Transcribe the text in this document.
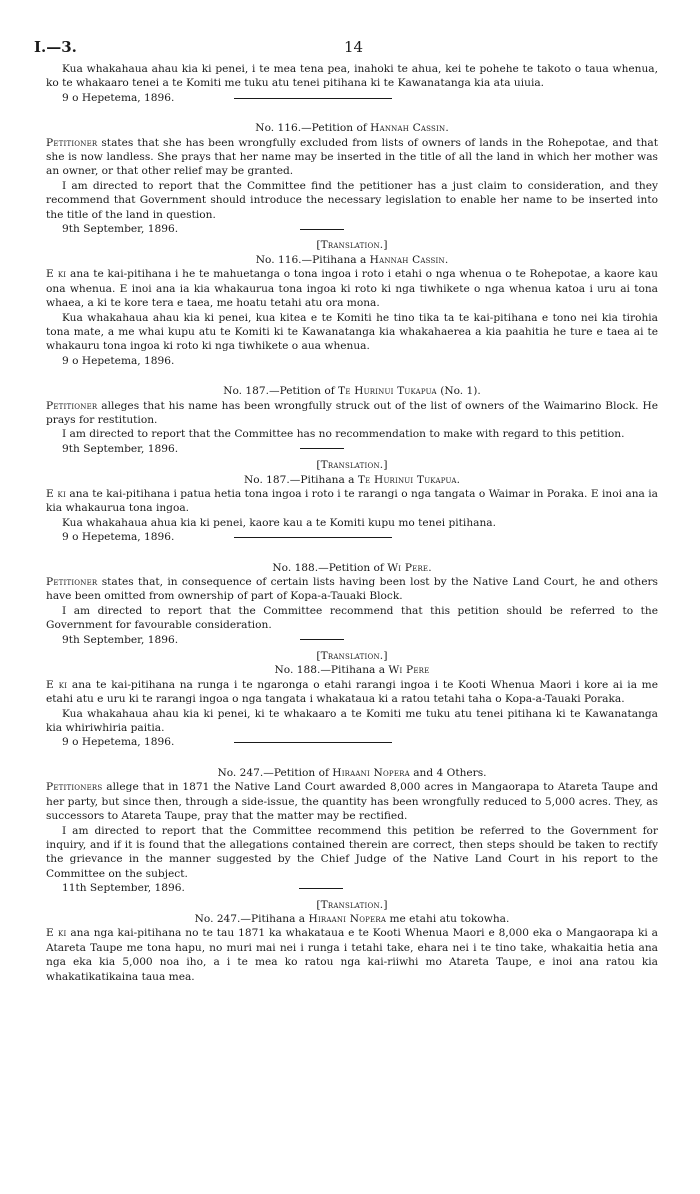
I.—3.	14

Kua whakahaua ahau kia ki penei, i te mea tena pea, inahoki te ahua, kei te pohehe te takoto o taua whenua, ko te whakaaro tenei a te Komiti me tuku atu tenei pitihana ki te Kawanatanga kia ata uiuia.

9 o Hepetema, 1896.

No. 116.—Petition of Hannah Cassin.

Petitioner states that she has been wrongfully excluded from lists of owners of lands in the Rohepotae, and that she is now landless. She prays that her name may be inserted in the title of all the land in which her mother was an owner, or that other relief may be granted.

I am directed to report that the Committee find the petitioner has a just claim to consideration, and they recommend that Government should introduce the necessary legislation to enable her name to be inserted into the title of the land in question.

9th September, 1896.

[Translation.]

No. 116.—Pitihana a Hannah Cassin.

E ki ana te kai-pitihana i he te mahuetanga o tona ingoa i roto i etahi o nga whenua o te Rohepotae, a kaore kau ona whenua. E inoi ana ia kia whakaurua tona ingoa ki roto ki nga tiwhikete o nga whenua katoa i uru ai tona whaea, a ki te kore tera e taea, me hoatu tetahi atu ora mona.

Kua whakahaua ahau kia ki penei, kua kitea e te Komiti he tino tika ta te kai-pitihana e tono nei kia tirohia tona mate, a me whai kupu atu te Komiti ki te Kawanatanga kia whakahaerea a kia paahitia he ture e taea ai te whakauru tona ingoa ki roto ki nga tiwhikete o aua whenua.

9 o Hepetema, 1896.

No. 187.—Petition of Te Hurinui Tukapua (No. 1).

Petitioner alleges that his name has been wrongfully struck out of the list of owners of the Waimarino Block. He prays for restitution.

I am directed to report that the Committee has no recommendation to make with regard to this petition.

9th September, 1896.

[Translation.]

No. 187.—Pitihana a Te Hurinui Tukapua.

E ki ana te kai-pitihana i patua hetia tona ingoa i roto i te rarangi o nga tangata o Waimar in Poraka. E inoi ana ia kia whakaurua tona ingoa.

Kua whakahaua ahua kia ki penei, kaore kau a te Komiti kupu mo tenei pitihana.

9 o Hepetema, 1896.

No. 188.—Petition of Wi Pere.

Petitioner states that, in consequence of certain lists having been lost by the Native Land Court, he and others have been omitted from ownership of part of Kopa-a-Tauaki Block.

I am directed to report that the Committee recommend that this petition should be referred to the Government for favourable consideration.

9th September, 1896.

[Translation.]

No. 188.—Pitihana a Wi Pere

E ki ana te kai-pitihana na runga i te ngaronga o etahi rarangi ingoa i te Kooti Whenua Maori i kore ai ia me etahi atu e uru ki te rarangi ingoa o nga tangata i whakataua ki a ratou tetahi taha o Kopa-a-Tauaki Poraka.

Kua whakahaua ahau kia ki penei, ki te whakaaro a te Komiti me tuku atu tenei pitihana ki te Kawanatanga kia whiriwhiria paitia.

9 o Hepetema, 1896.

No. 247.—Petition of Hiraani Nopera and 4 Others.

Petitioners allege that in 1871 the Native Land Court awarded 8,000 acres in Mangaorapa to Atareta Taupe and her party, but since then, through a side-issue, the quantity has been wrongfully reduced to 5,000 acres. They, as successors to Atareta Taupe, pray that the matter may be rectified.

I am directed to report that the Committee recommend this petition be referred to the Government for inquiry, and if it is found that the allegations contained therein are correct, then steps should be taken to rectify the grievance in the manner suggested by the Chief Judge of the Native Land Court in his report to the Committee on the subject.

11th September, 1896.

[Translation.]

No. 247.—Pitihana a Hiraani Nopera me etahi atu tokowha.

E ki ana nga kai-pitihana no te tau 1871 ka whakataua e te Kooti Whenua Maori e 8,000 eka o Mangaorapa ki a Atareta Taupe me tona hapu, no muri mai nei i runga i tetahi take, ehara nei i te tino take, whakaitia hetia ana nga eka kia 5,000 noa iho, a i te mea ko ratou nga kai-riiwhi mo Atareta Taupe, e inoi ana ratou kia whakatikatikaina taua mea.
